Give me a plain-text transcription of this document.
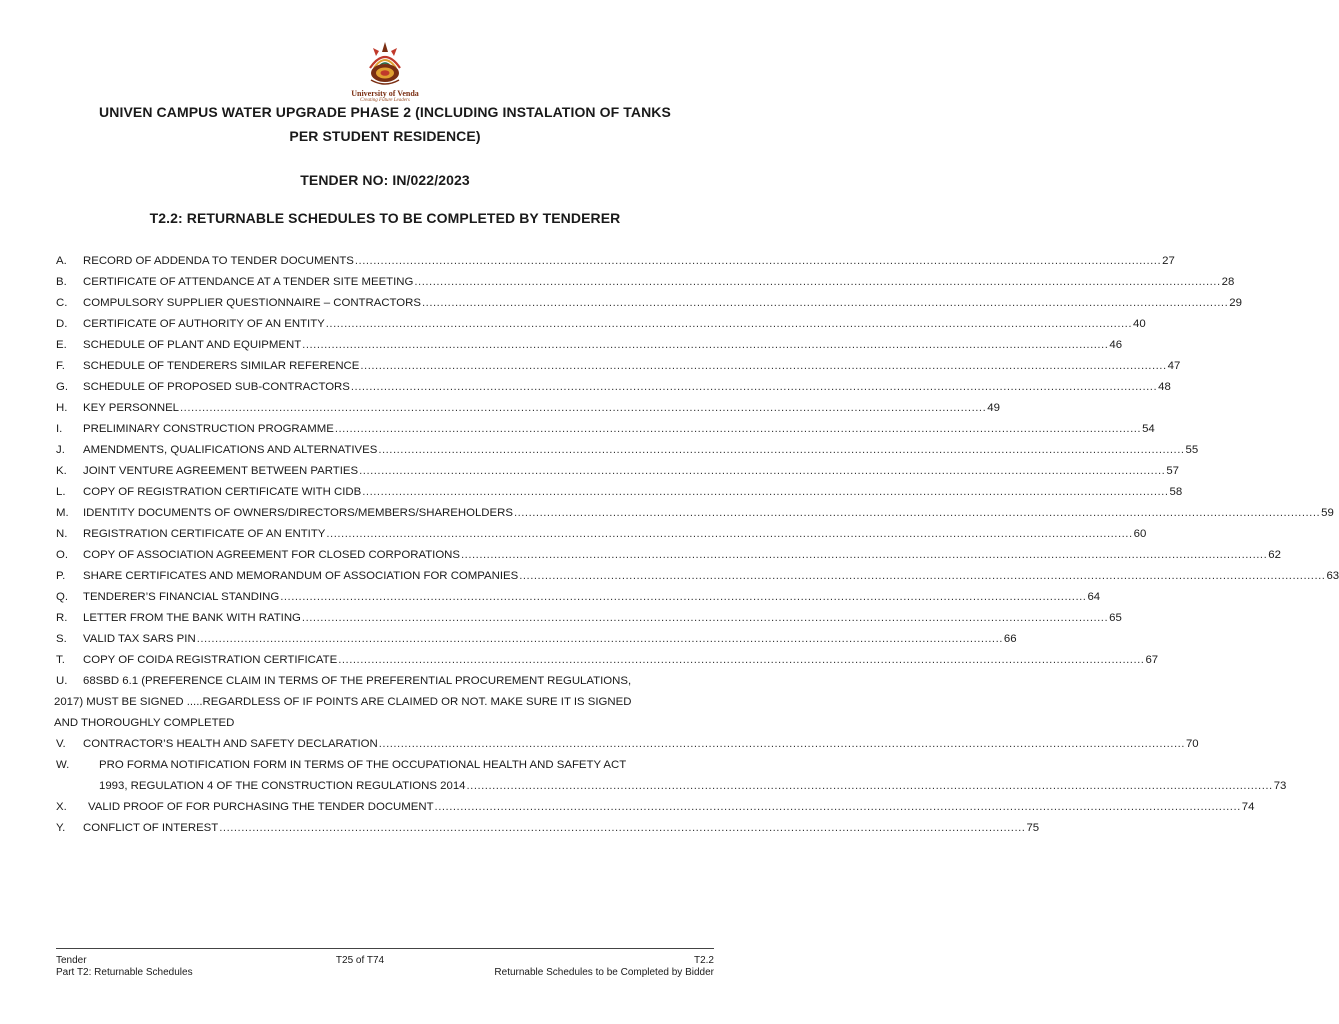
University of Venda
Creating Future Leaders
UNIVEN CAMPUS WATER UPGRADE PHASE 2 (INCLUDING INSTALATION OF TANKS
PER STUDENT RESIDENCE)
TENDER NO: IN/022/2023
T2.2: RETURNABLE SCHEDULES TO BE COMPLETED BY TENDERER
A.	RECORD OF ADDENDA TO TENDER DOCUMENTS ............................................................................................................................................................................................................................ 27
B.	CERTIFICATE OF ATTENDANCE AT A TENDER SITE MEETING ............................................................................................................................................................................................................................ 28
C.	COMPULSORY SUPPLIER QUESTIONNAIRE – CONTRACTORS ............................................................................................................................................................................................................................ 29
D.	CERTIFICATE OF AUTHORITY OF AN ENTITY ............................................................................................................................................................................................................................ 40
E.	SCHEDULE OF PLANT AND EQUIPMENT ............................................................................................................................................................................................................................ 46
F.	SCHEDULE OF TENDERERS SIMILAR REFERENCE ............................................................................................................................................................................................................................ 47
G.	SCHEDULE OF PROPOSED SUB-CONTRACTORS ............................................................................................................................................................................................................................ 48
H.	KEY PERSONNEL ............................................................................................................................................................................................................................ 49
I.	PRELIMINARY CONSTRUCTION PROGRAMME ............................................................................................................................................................................................................................ 54
J.	AMENDMENTS, QUALIFICATIONS AND ALTERNATIVES ............................................................................................................................................................................................................................ 55
K.	JOINT VENTURE AGREEMENT BETWEEN PARTIES ............................................................................................................................................................................................................................ 57
L.	COPY OF REGISTRATION CERTIFICATE WITH CIDB ............................................................................................................................................................................................................................ 58
M.	IDENTITY DOCUMENTS OF OWNERS/DIRECTORS/MEMBERS/SHAREHOLDERS ............................................................................................................................................................................................................................ 59
N.	REGISTRATION CERTIFICATE OF AN ENTITY ............................................................................................................................................................................................................................ 60
O.	COPY OF ASSOCIATION AGREEMENT FOR CLOSED CORPORATIONS ............................................................................................................................................................................................................................ 62
P.	SHARE CERTIFICATES AND MEMORANDUM OF ASSOCIATION FOR COMPANIES ............................................................................................................................................................................................................................ 63
Q.	TENDERER’S FINANCIAL STANDING ............................................................................................................................................................................................................................ 64
R.	LETTER FROM THE BANK WITH RATING ............................................................................................................................................................................................................................ 65
S.	VALID TAX SARS PIN ............................................................................................................................................................................................................................ 66
T.	COPY OF COIDA REGISTRATION CERTIFICATE ............................................................................................................................................................................................................................ 67
U. 68SBD 6.1 (PREFERENCE CLAIM IN TERMS OF THE PREFERENTIAL PROCUREMENT REGULATIONS,
2017) MUST BE SIGNED .....REGARDLESS OF IF POINTS ARE CLAIMED OR NOT. MAKE SURE IT IS SIGNED
AND THOROUGHLY COMPLETED
V.	CONTRACTOR’S HEALTH AND SAFETY DECLARATION ............................................................................................................................................................................................................................ 70
W.	PRO FORMA NOTIFICATION FORM IN TERMS OF THE OCCUPATIONAL HEALTH AND SAFETY ACT
1993, REGULATION 4 OF THE CONSTRUCTION REGULATIONS 2014 ............................................................................................................................................................................................................................ 73
X.	VALID PROOF OF FOR PURCHASING THE TENDER DOCUMENT ............................................................................................................................................................................................................................ 74
Y.	CONFLICT OF INTEREST ............................................................................................................................................................................................................................ 75
Tender
Part T2: Returnable Schedules
T25 of T74	T2.2
Returnable Schedules to be Completed by Bidder
